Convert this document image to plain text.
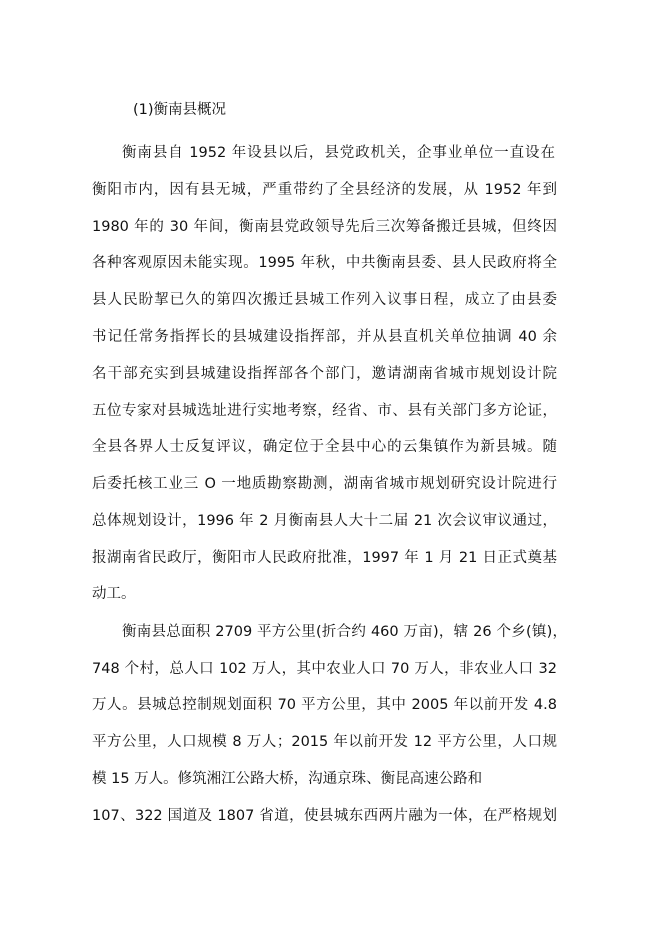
(1)衡南县概况
衡南县自 1952 年设县以后，县党政机关，企事业单位一直设在
衡阳市内，因有县无城，严重带约了全县经济的发展，从 1952 年到
1980 年的 30 年间，衡南县党政领导先后三次筹备搬迁县城，但终因
各种客观原因未能实现。1995 年秋，中共衡南县委、县人民政府将全
县人民盼挈已久的第四次搬迁县城工作列入议事日程，成立了由县委
书记任常务指挥长的县城建设指挥部，并从县直机关单位抽调 40 余
名干部充实到县城建设指挥部各个部门，邀请湖南省城市规划设计院
五位专家对县城选址进行实地考察，经省、市、县有关部门多方论证，
全县各界人士反复评议，确定位于全县中心的云集镇作为新县城。随
后委托核工业三 O 一地质勘察勘测，湖南省城市规划研究设计院进行
总体规划设计，1996 年 2 月衡南县人大十二届 21 次会议审议通过，
报湖南省民政厅，衡阳市人民政府批准，1997 年 1 月 21 日正式奠基
动工。
衡南县总面积 2709 平方公里(折合约 460 万亩)，辖 26 个乡(镇)，
748 个村，总人口 102 万人，其中农业人口 70 万人，非农业人口 32
万人。县城总控制规划面积 70 平方公里，其中 2005 年以前开发 4.8
平方公里，人口规模 8 万人；2015 年以前开发 12 平方公里，人口规
模 15 万人。修筑湘江公路大桥，沟通京珠、衡昆高速公路和
107、322 国道及 1807 省道，使县城东西两片融为一体，在严格规划
